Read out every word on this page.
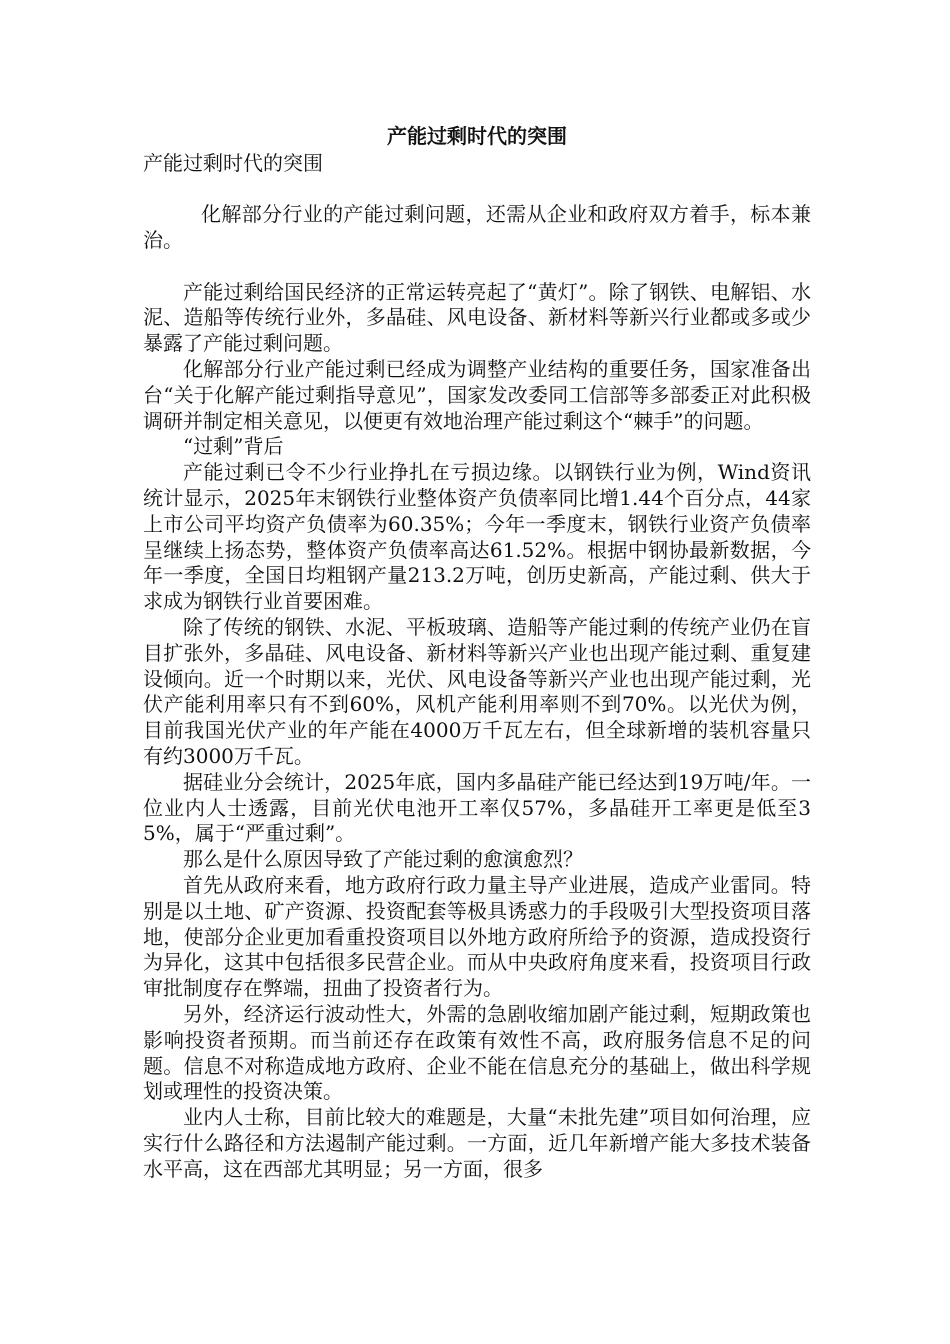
产能过剩时代的突围

产能过剩时代的突围

化解部分行业的产能过剩问题，还需从企业和政府双方着手，标本兼治。

产能过剩给国民经济的正常运转亮起了“黄灯”。除了钢铁、电解铝、水泥、造船等传统行业外，多晶硅、风电设备、新材料等新兴行业都或多或少暴露了产能过剩问题。

化解部分行业产能过剩已经成为调整产业结构的重要任务，国家准备出台“关于化解产能过剩指导意见”，国家发改委同工信部等多部委正对此积极调研并制定相关意见，以便更有效地治理产能过剩这个“棘手”的问题。

“过剩”背后

产能过剩已令不少行业挣扎在亏损边缘。以钢铁行业为例，Wind资讯统计显示，2025年末钢铁行业整体资产负债率同比增1.44个百分点，44家上市公司平均资产负债率为60.35%；今年一季度末，钢铁行业资产负债率呈继续上扬态势，整体资产负债率高达61.52%。根据中钢协最新数据，今年一季度，全国日均粗钢产量213.2万吨，创历史新高，产能过剩、供大于求成为钢铁行业首要困难。

除了传统的钢铁、水泥、平板玻璃、造船等产能过剩的传统产业仍在盲目扩张外，多晶硅、风电设备、新材料等新兴产业也出现产能过剩、重复建设倾向。近一个时期以来，光伏、风电设备等新兴产业也出现产能过剩，光伏产能利用率只有不到60%，风机产能利用率则不到70%。以光伏为例，目前我国光伏产业的年产能在4000万千瓦左右，但全球新增的装机容量只有约3000万千瓦。

据硅业分会统计，2025年底，国内多晶硅产能已经达到19万吨/年。一位业内人士透露，目前光伏电池开工率仅57%，多晶硅开工率更是低至35%，属于“严重过剩”。

那么是什么原因导致了产能过剩的愈演愈烈？

首先从政府来看，地方政府行政力量主导产业进展，造成产业雷同。特别是以土地、矿产资源、投资配套等极具诱惑力的手段吸引大型投资项目落地，使部分企业更加看重投资项目以外地方政府所给予的资源，造成投资行为异化，这其中包括很多民营企业。而从中央政府角度来看，投资项目行政审批制度存在弊端，扭曲了投资者行为。

另外，经济运行波动性大，外需的急剧收缩加剧产能过剩，短期政策也影响投资者预期。而当前还存在政策有效性不高，政府服务信息不足的问题。信息不对称造成地方政府、企业不能在信息充分的基础上，做出科学规划或理性的投资决策。

业内人士称，目前比较大的难题是，大量“未批先建”项目如何治理，应实行什么路径和方法遏制产能过剩。一方面，近几年新增产能大多技术装备水平高，这在西部尤其明显；另一方面，很多
